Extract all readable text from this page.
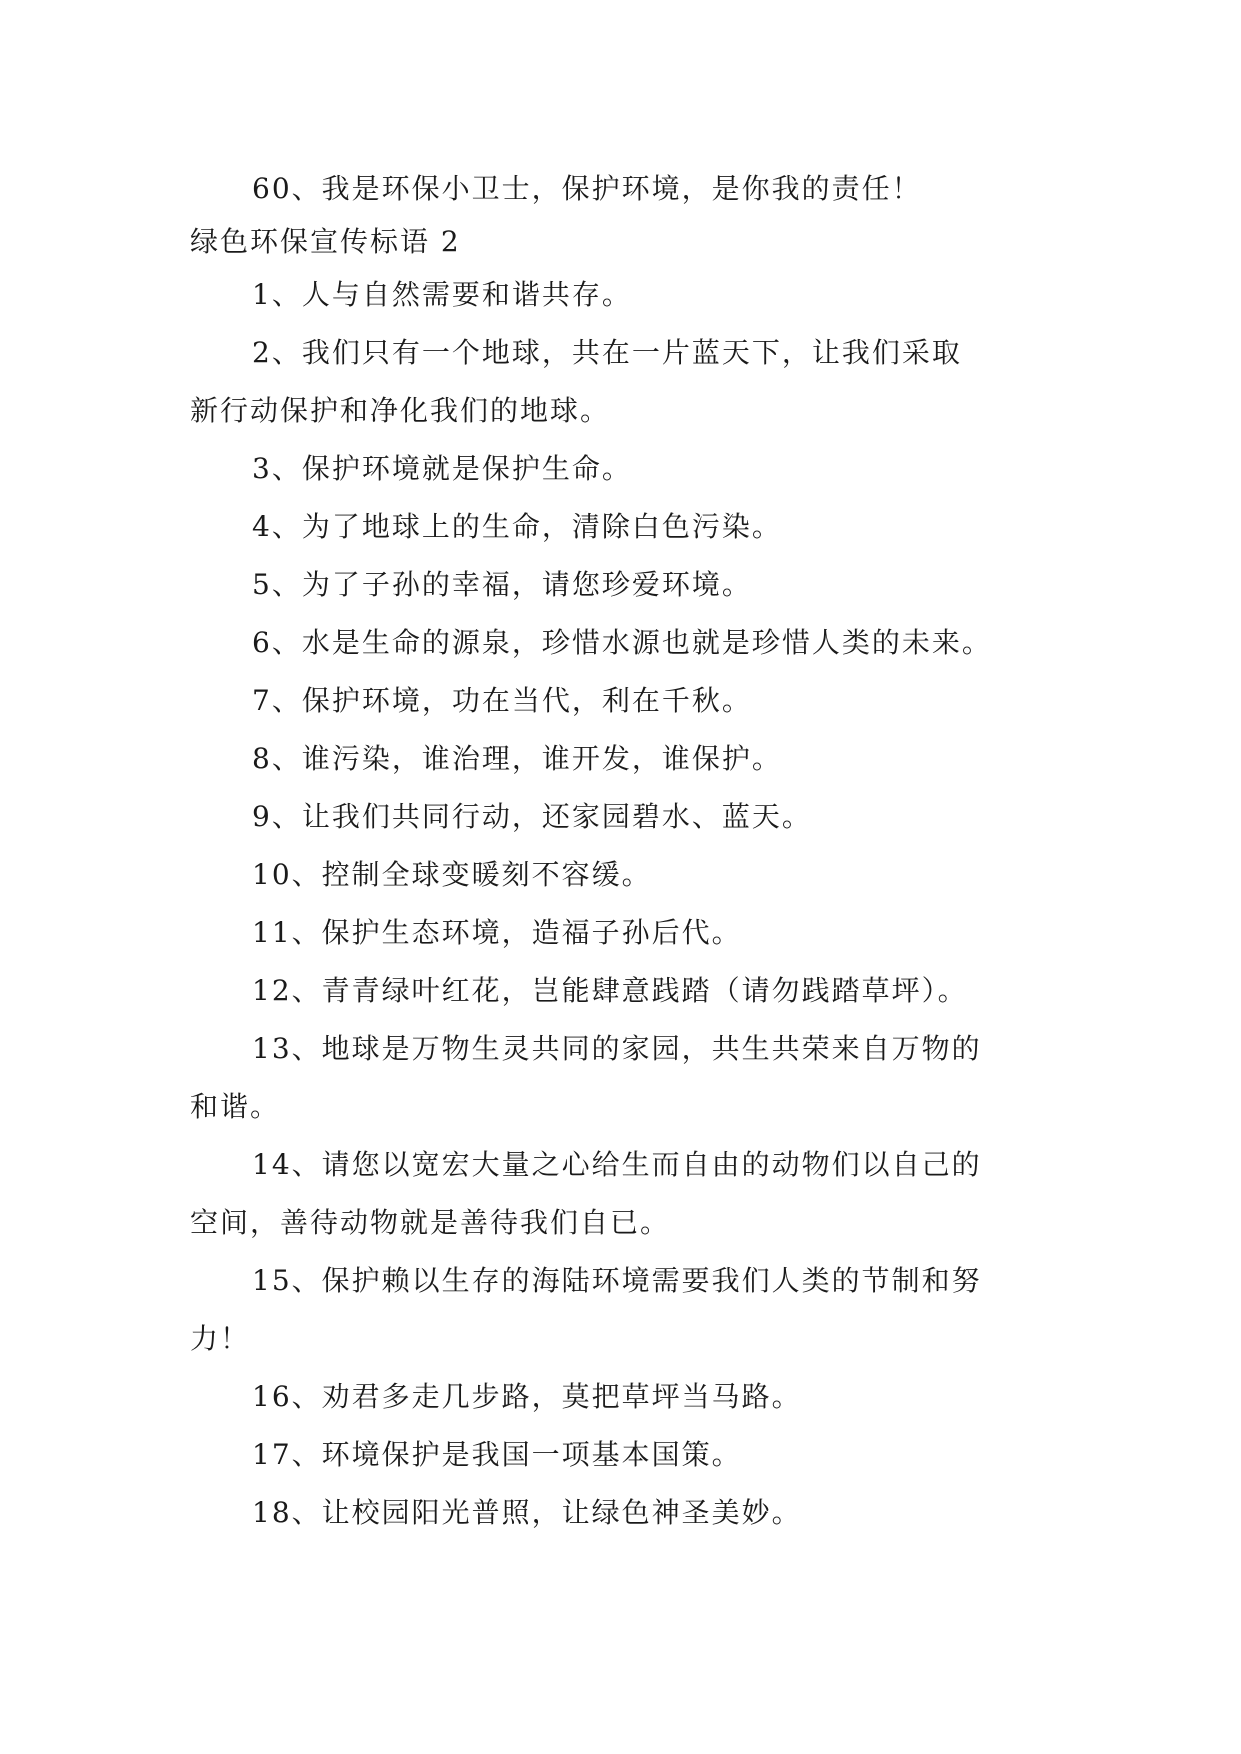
60、我是环保小卫士，保护环境，是你我的责任！
绿色环保宣传标语 2
1、人与自然需要和谐共存。
2、我们只有一个地球，共在一片蓝天下，让我们采取
新行动保护和净化我们的地球。
3、保护环境就是保护生命。
4、为了地球上的生命，清除白色污染。
5、为了子孙的幸福，请您珍爱环境。
6、水是生命的源泉，珍惜水源也就是珍惜人类的未来。
7、保护环境，功在当代，利在千秋。
8、谁污染，谁治理，谁开发，谁保护。
9、让我们共同行动，还家园碧水、蓝天。
10、控制全球变暖刻不容缓。
11、保护生态环境，造福子孙后代。
12、青青绿叶红花，岂能肆意践踏（请勿践踏草坪）。
13、地球是万物生灵共同的家园，共生共荣来自万物的
和谐。
14、请您以宽宏大量之心给生而自由的动物们以自己的
空间，善待动物就是善待我们自已。
15、保护赖以生存的海陆环境需要我们人类的节制和努
力！
16、劝君多走几步路，莫把草坪当马路。
17、环境保护是我国一项基本国策。
18、让校园阳光普照，让绿色神圣美妙。
